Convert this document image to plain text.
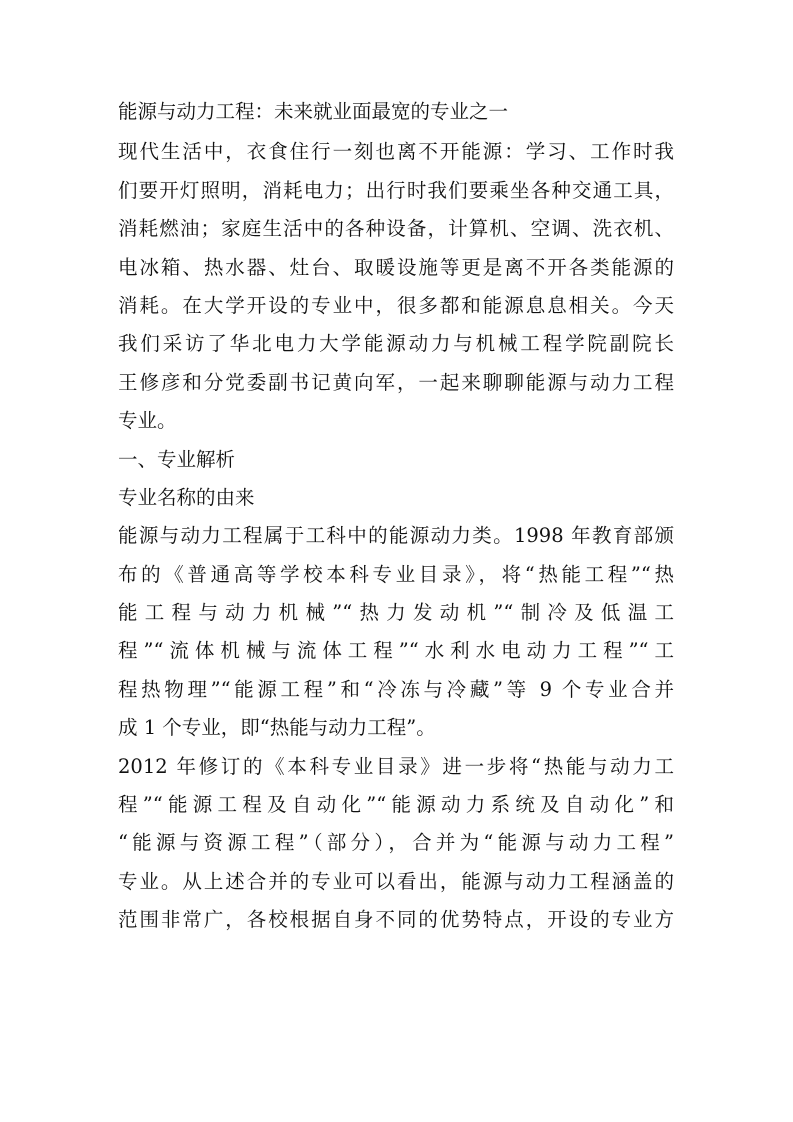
能源与动力工程：未来就业面最宽的专业之一
现代生活中，衣食住行一刻也离不开能源：学习、工作时我
们要开灯照明，消耗电力；出行时我们要乘坐各种交通工具，
消耗燃油；家庭生活中的各种设备，计算机、空调、洗衣机、
电冰箱、热水器、灶台、取暖设施等更是离不开各类能源的
消耗。在大学开设的专业中，很多都和能源息息相关。今天
我们采访了华北电力大学能源动力与机械工程学院副院长
王修彦和分党委副书记黄向军，一起来聊聊能源与动力工程
专业。
一、专业解析
专业名称的由来
能源与动力工程属于工科中的能源动力类。1998 年教育部颁
布的《普通高等学校本科专业目录》，将“热能工程”“热
能工程与动力机械”“热力发动机”“制冷及低温工
程”“流体机械与流体工程”“水利水电动力工程”“工
程热物理”“能源工程”和“冷冻与冷藏”等 9 个专业合并
成 1 个专业，即“热能与动力工程”。
2012 年修订的《本科专业目录》进一步将“热能与动力工
程”“能源工程及自动化”“能源动力系统及自动化”和
“能源与资源工程”（部分），合并为“能源与动力工程”
专业。从上述合并的专业可以看出，能源与动力工程涵盖的
范围非常广，各校根据自身不同的优势特点，开设的专业方
